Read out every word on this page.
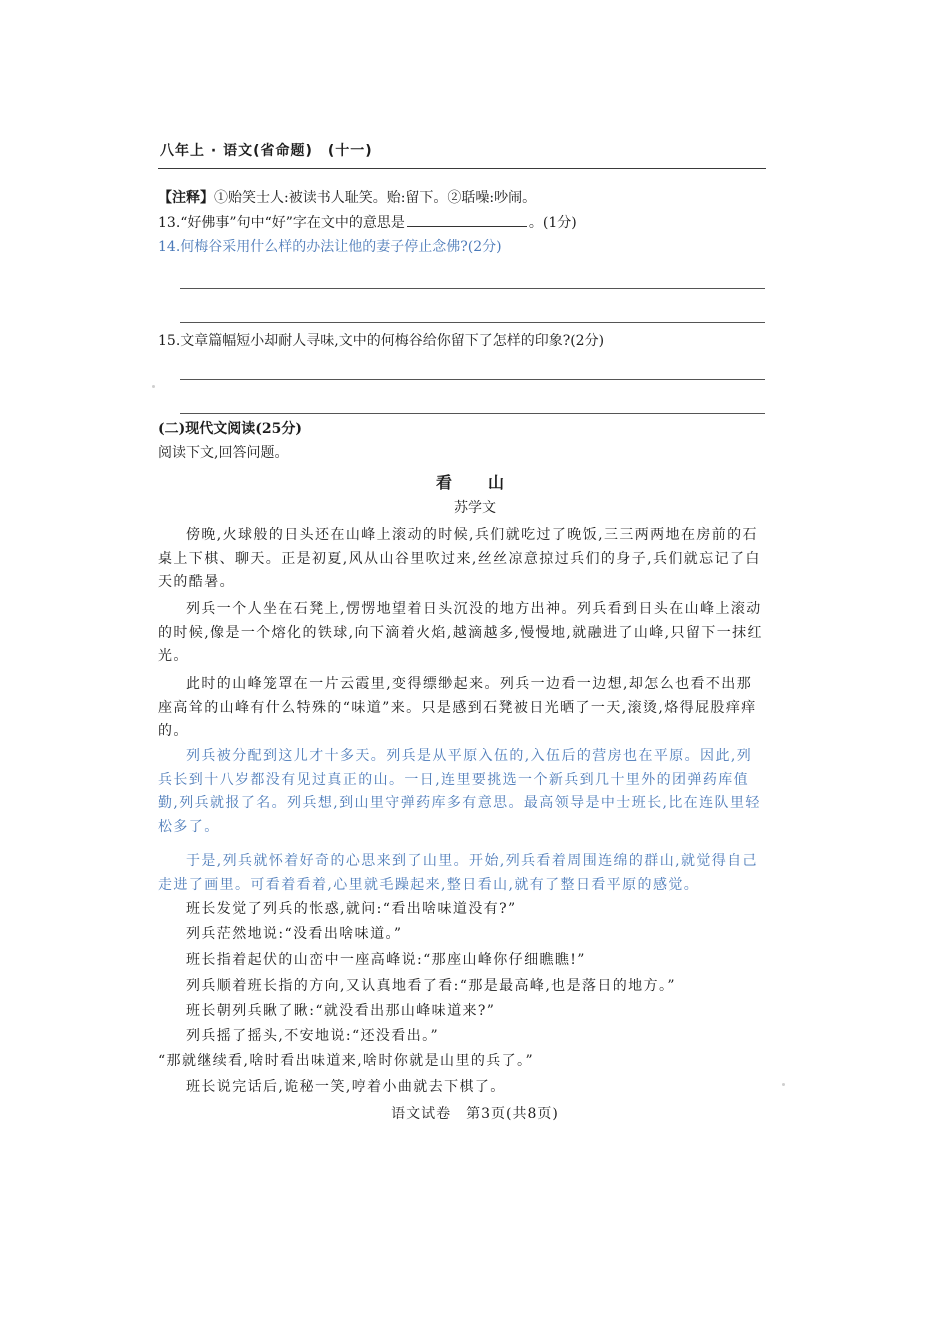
八年上 · 语文(省命题)　(十一)
【注释】①贻笑士人:被读书人耻笑。贻:留下。②聒噪:吵闹。
13.“好佛事”句中“好”字在文中的意思是	。(1分)
14.何梅谷采用什么样的办法让他的妻子停止念佛?(2分)
15.文章篇幅短小却耐人寻味,文中的何梅谷给你留下了怎样的印象?(2分)
(二)现代文阅读(25分)
阅读下文,回答问题。
看　山
苏学文
傍晚,火球般的日头还在山峰上滚动的时候,兵们就吃过了晚饭,三三两两地在房前的石桌上下棋、聊天。正是初夏,风从山谷里吹过来,丝丝凉意掠过兵们的身子,兵们就忘记了白天的酷暑。
列兵一个人坐在石凳上,愣愣地望着日头沉没的地方出神。列兵看到日头在山峰上滚动的时候,像是一个熔化的铁球,向下滴着火焰,越滴越多,慢慢地,就融进了山峰,只留下一抹红光。
此时的山峰笼罩在一片云霞里,变得缥缈起来。列兵一边看一边想,却怎么也看不出那座高耸的山峰有什么特殊的“味道”来。只是感到石凳被日光晒了一天,滚烫,烙得屁股痒痒的。
列兵被分配到这儿才十多天。列兵是从平原入伍的,入伍后的营房也在平原。因此,列兵长到十八岁都没有见过真正的山。一日,连里要挑选一个新兵到几十里外的团弹药库值勤,列兵就报了名。列兵想,到山里守弹药库多有意思。最高领导是中士班长,比在连队里轻松多了。
于是,列兵就怀着好奇的心思来到了山里。开始,列兵看着周围连绵的群山,就觉得自己走进了画里。可看着看着,心里就毛躁起来,整日看山,就有了整日看平原的感觉。
班长发觉了列兵的怅惑,就问:“看出啥味道没有?”
列兵茫然地说:“没看出啥味道。”
班长指着起伏的山峦中一座高峰说:“那座山峰你仔细瞧瞧!”
列兵顺着班长指的方向,又认真地看了看:“那是最高峰,也是落日的地方。”
班长朝列兵瞅了瞅:“就没看出那山峰味道来?”
列兵摇了摇头,不安地说:“还没看出。”
“那就继续看,啥时看出味道来,啥时你就是山里的兵了。”
班长说完话后,诡秘一笑,哼着小曲就去下棋了。
语文试卷　第3页(共8页)
